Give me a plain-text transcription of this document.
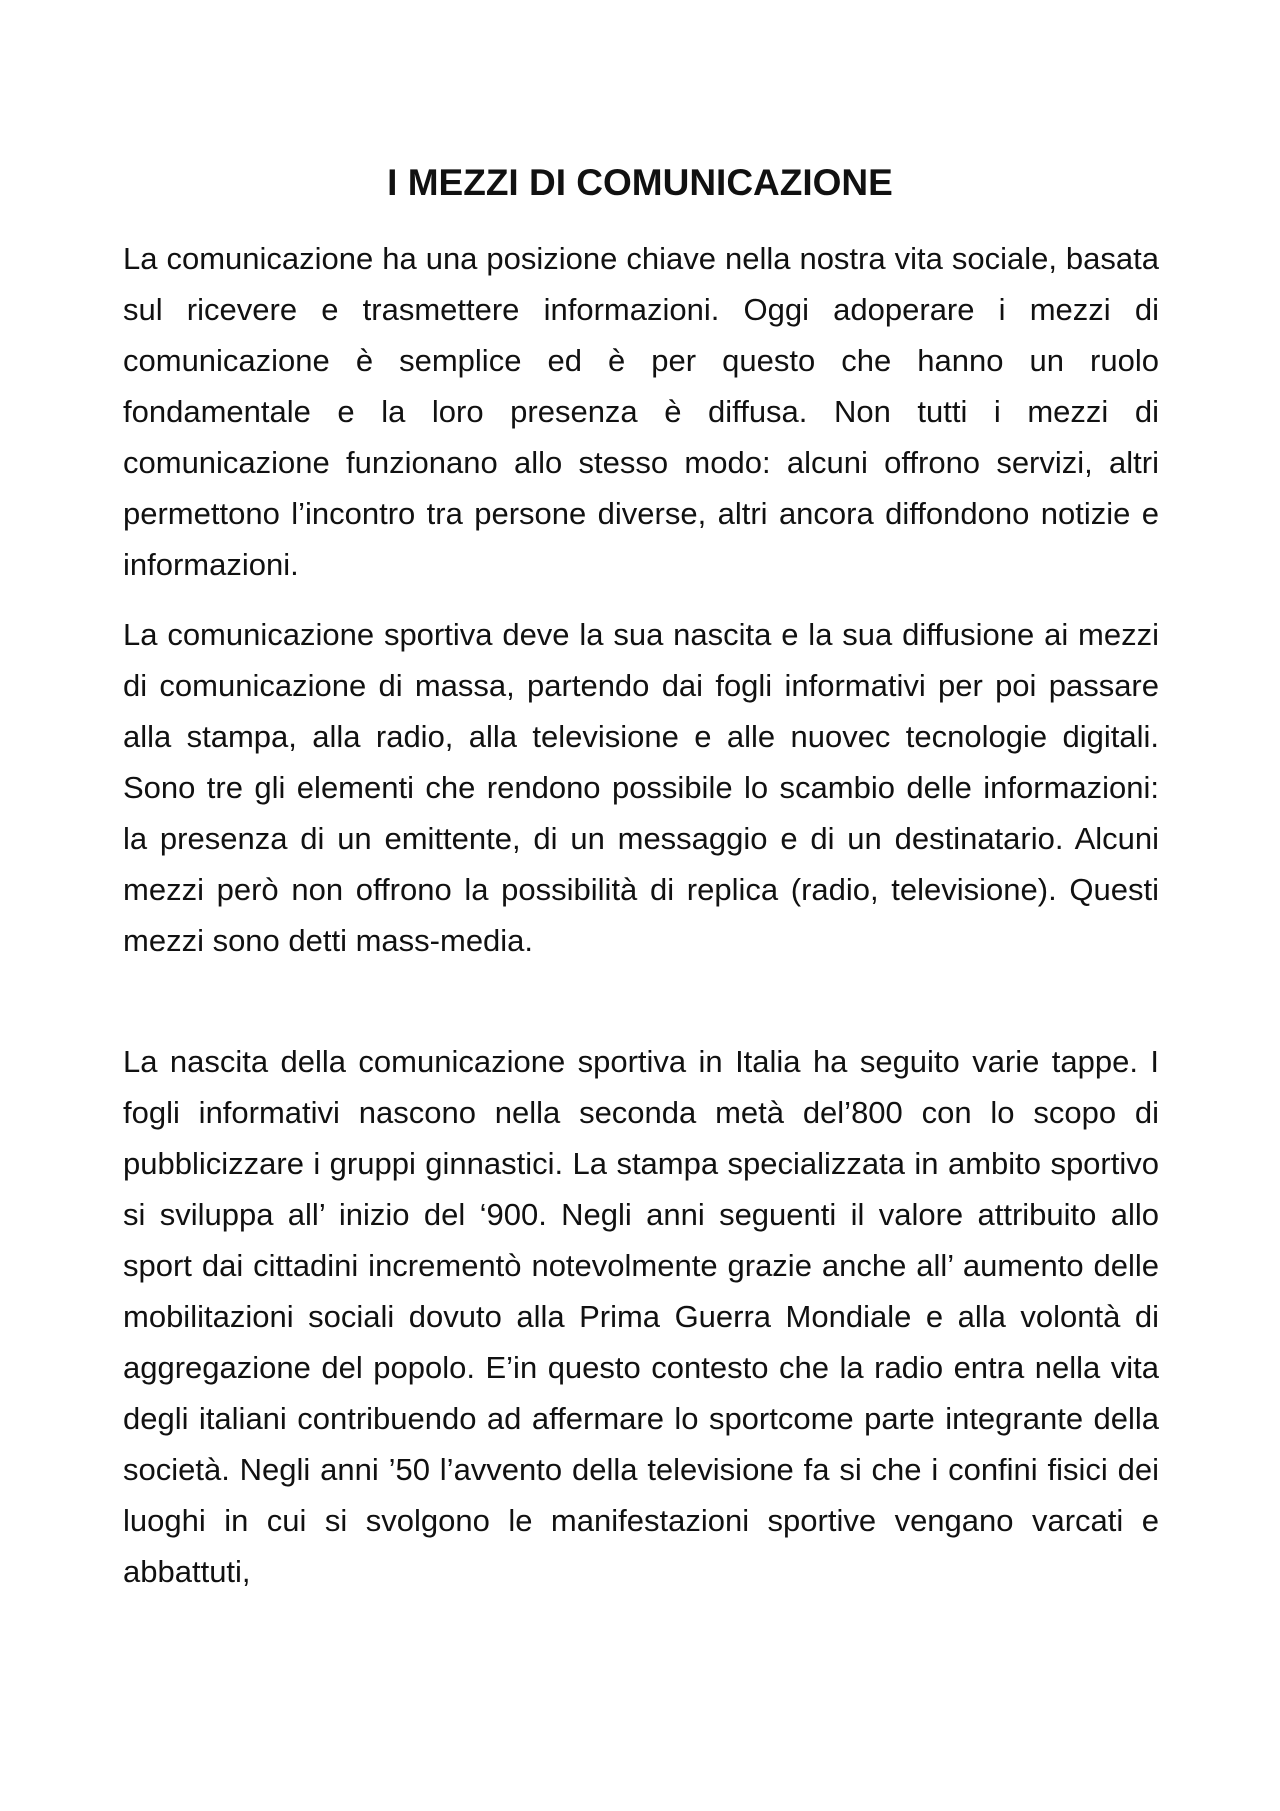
I MEZZI DI COMUNICAZIONE

La comunicazione ha una posizione chiave nella nostra vita sociale, basata sul ricevere e trasmettere informazioni. Oggi adoperare i mezzi di comunicazione è semplice ed è per questo che hanno un ruolo fondamentale e la loro presenza è diffusa. Non tutti i mezzi di comunicazione funzionano allo stesso modo: alcuni offrono servizi, altri permettono l’incontro tra persone diverse, altri ancora diffondono notizie e informazioni.

La comunicazione sportiva deve la sua nascita e la sua diffusione ai mezzi di comunicazione di massa, partendo dai fogli informativi per poi passare alla stampa, alla radio, alla televisione e alle nuovec tecnologie digitali. Sono tre gli elementi che rendono possibile lo scambio delle informazioni: la presenza di un emittente, di un messaggio e di un destinatario. Alcuni mezzi però non offrono la possibilità di replica (radio, televisione). Questi mezzi sono detti mass-media.

La nascita della comunicazione sportiva in Italia ha seguito varie tappe. I fogli informativi nascono nella seconda metà del’800 con lo scopo di pubblicizzare i gruppi ginnastici. La stampa specializzata in ambito sportivo si sviluppa all’ inizio del ‘900. Negli anni seguenti il valore attribuito allo sport dai cittadini incrementò notevolmente grazie anche all’ aumento delle mobilitazioni sociali dovuto alla Prima Guerra Mondiale e alla volontà di aggregazione del popolo. E’in questo contesto che la radio entra nella vita degli italiani contribuendo ad affermare lo sportcome parte integrante della società. Negli anni ’50 l’avvento della televisione fa si che i confini fisici dei luoghi in cui si svolgono le manifestazioni sportive vengano varcati e abbattuti,
